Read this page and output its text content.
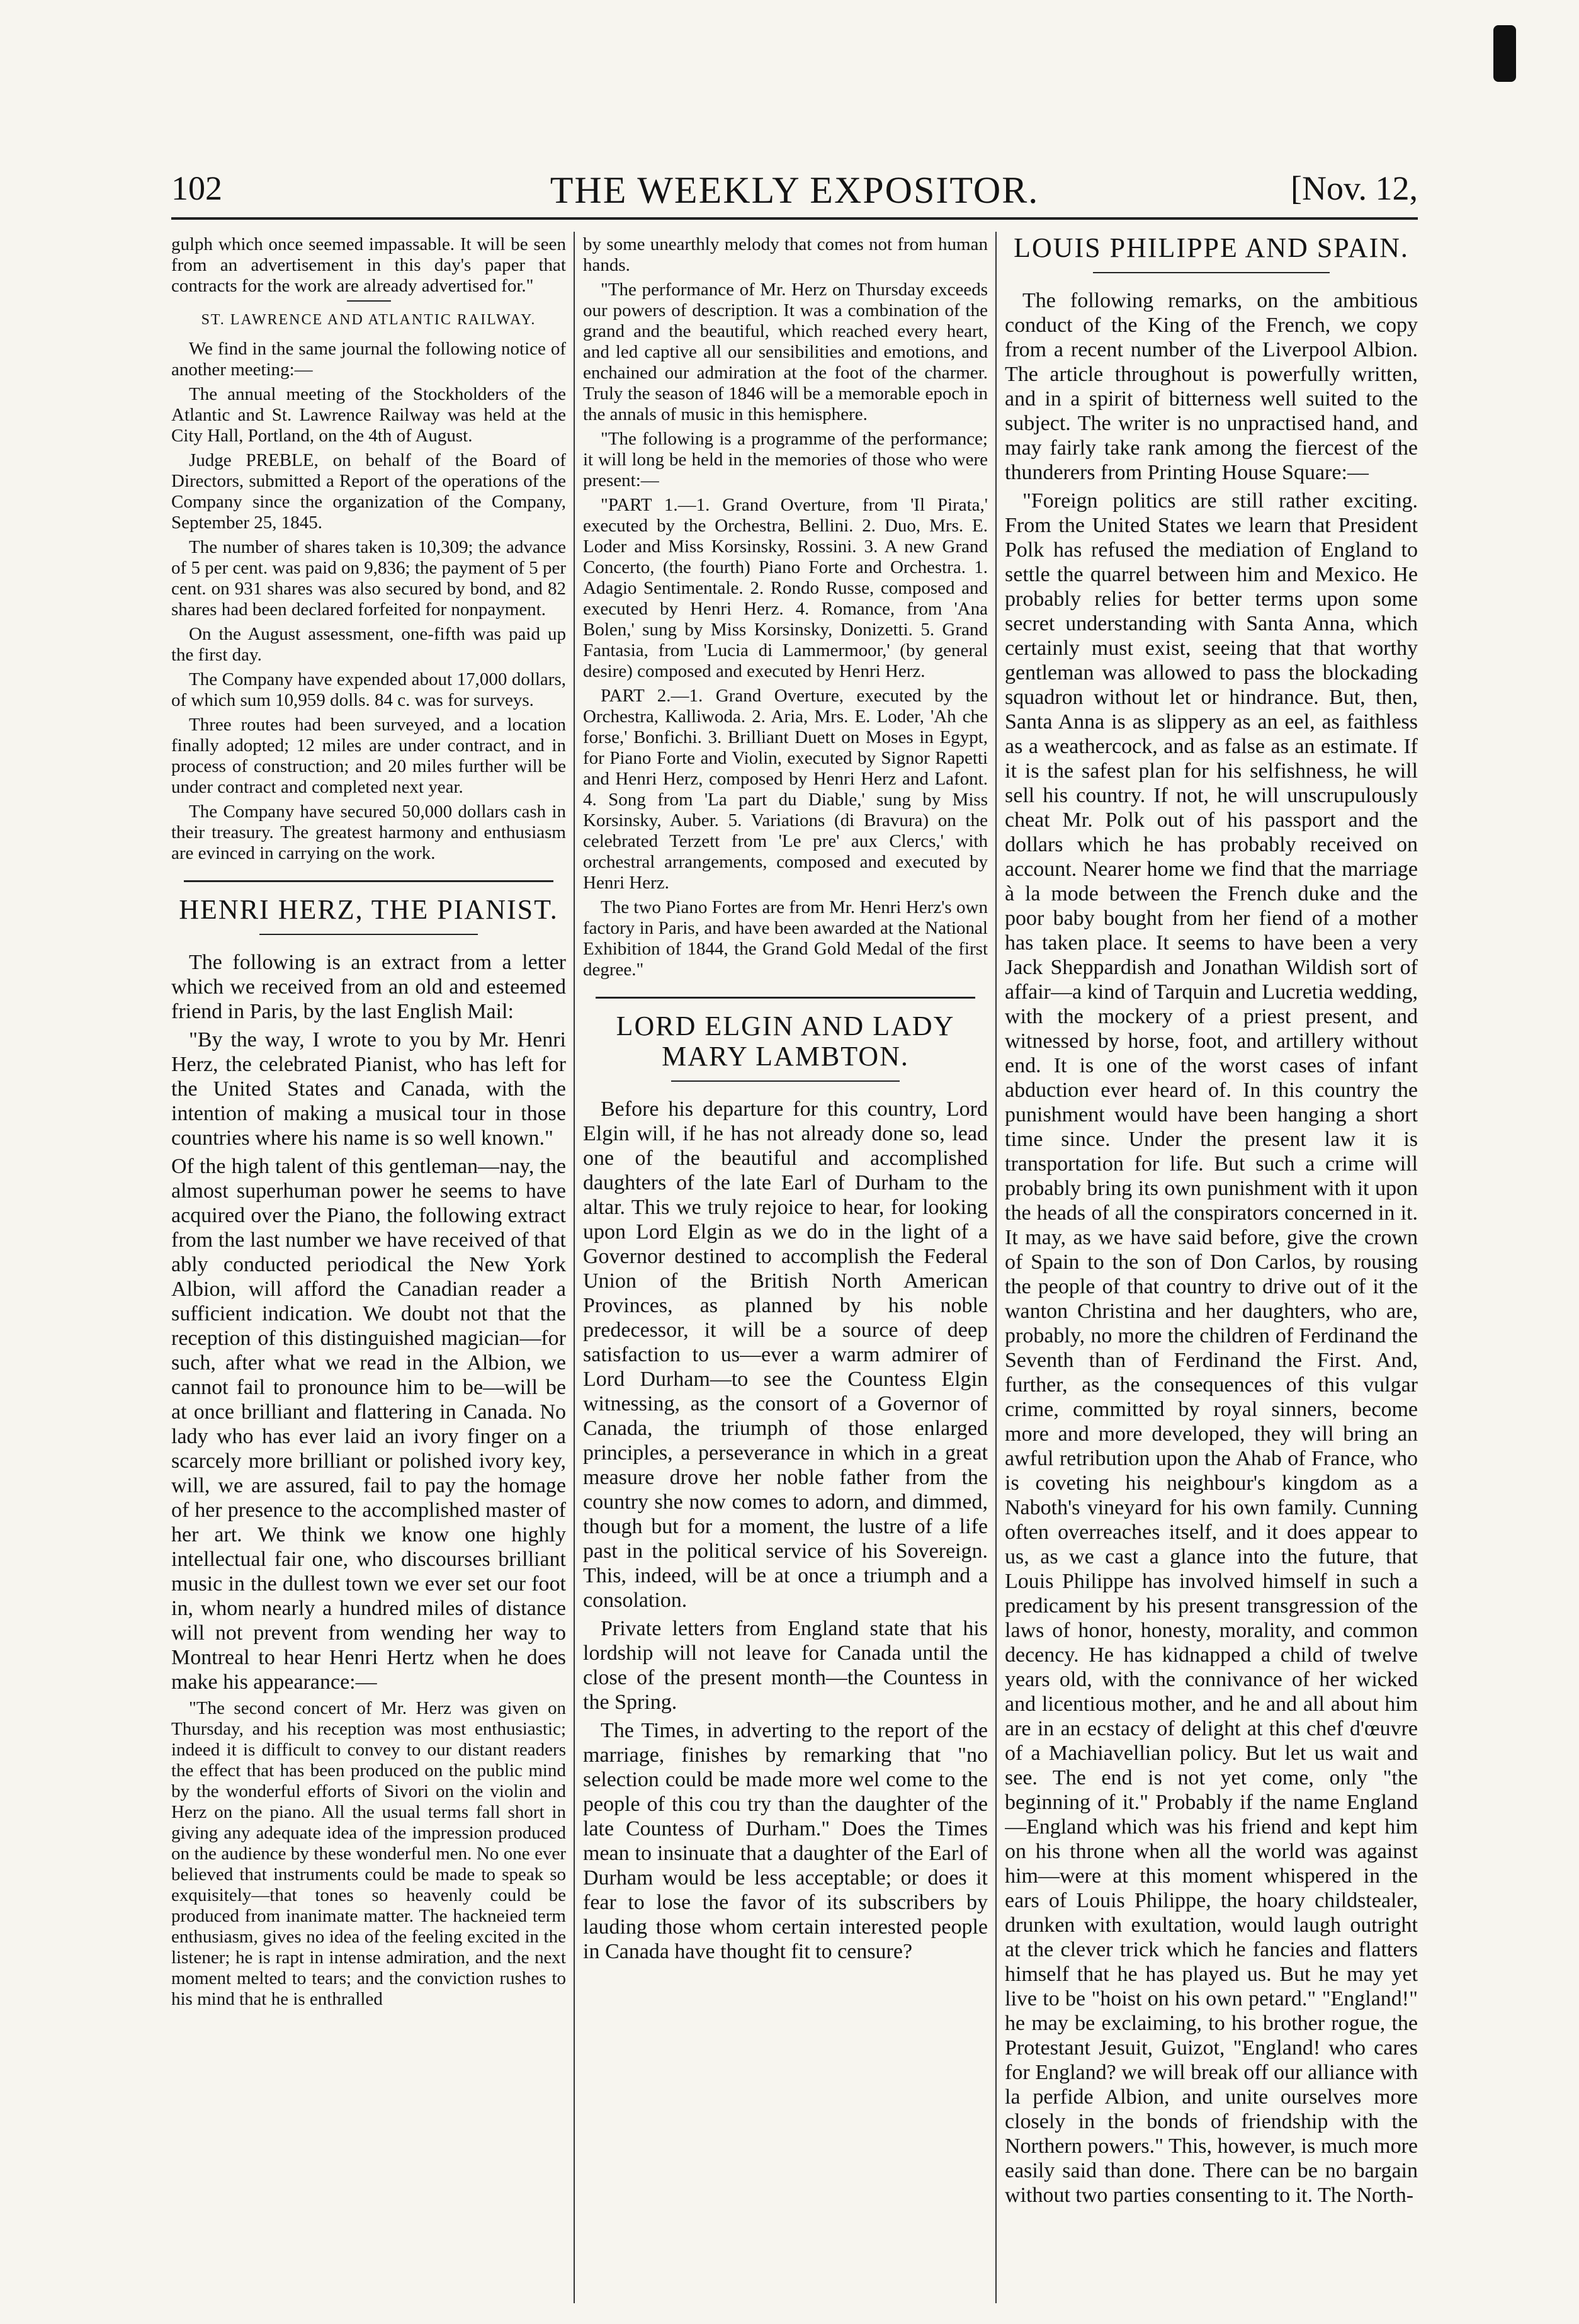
102	THE WEEKLY EXPOSITOR.	[Nov. 12,

gulph which once seemed impassable. It will be seen from an advertisement in this day's paper that contracts for the work are already advertised for."

ST. LAWRENCE AND ATLANTIC RAILWAY.

We find in the same journal the following notice of another meeting:—

The annual meeting of the Stockholders of the Atlantic and St. Lawrence Railway was held at the City Hall, Portland, on the 4th of August.

Judge PREBLE, on behalf of the Board of Directors, submitted a Report of the operations of the Company since the organization of the Company, September 25, 1845.

The number of shares taken is 10,309; the advance of 5 per cent. was paid on 9,836; the payment of 5 per cent. on 931 shares was also secured by bond, and 82 shares had been declared forfeited for nonpayment.

On the August assessment, one-fifth was paid up the first day.

The Company have expended about 17,000 dollars, of which sum 10,959 dolls. 84 c. was for surveys.

Three routes had been surveyed, and a location finally adopted; 12 miles are under contract, and in process of construction; and 20 miles further will be under contract and completed next year.

The Company have secured 50,000 dollars cash in their treasury. The greatest harmony and enthusiasm are evinced in carrying on the work.

HENRI HERZ, THE PIANIST.

The following is an extract from a letter which we received from an old and esteemed friend in Paris, by the last English Mail:

"By the way, I wrote to you by Mr. Henri Herz, the celebrated Pianist, who has left for the United States and Canada, with the intention of making a musical tour in those countries where his name is so well known."

Of the high talent of this gentleman—nay, the almost superhuman power he seems to have acquired over the Piano, the following extract from the last number we have received of that ably conducted periodical the New York Albion, will afford the Canadian reader a sufficient indication. We doubt not that the reception of this distinguished magician—for such, after what we read in the Albion, we cannot fail to pronounce him to be—will be at once brilliant and flattering in Canada. No lady who has ever laid an ivory finger on a scarcely more brilliant or polished ivory key, will, we are assured, fail to pay the homage of her presence to the accomplished master of her art. We think we know one highly intellectual fair one, who discourses brilliant music in the dullest town we ever set our foot in, whom nearly a hundred miles of distance will not prevent from wending her way to Montreal to hear Henri Hertz when he does make his appearance:—

"The second concert of Mr. Herz was given on Thursday, and his reception was most enthusiastic; indeed it is difficult to convey to our distant readers the effect that has been produced on the public mind by the wonderful efforts of Sivori on the violin and Herz on the piano. All the usual terms fall short in giving any adequate idea of the impression produced on the audience by these wonderful men. No one ever believed that instruments could be made to speak so exquisitely—that tones so heavenly could be produced from inanimate matter. The hackneied term enthusiasm, gives no idea of the feeling excited in the listener; he is rapt in intense admiration, and the next moment melted to tears; and the conviction rushes to his mind that he is enthralled

by some unearthly melody that comes not from human hands.

"The performance of Mr. Herz on Thursday exceeds our powers of description. It was a combination of the grand and the beautiful, which reached every heart, and led captive all our sensibilities and emotions, and enchained our admiration at the foot of the charmer. Truly the season of 1846 will be a memorable epoch in the annals of music in this hemisphere.

"The following is a programme of the performance; it will long be held in the memories of those who were present:—

"PART 1.—1. Grand Overture, from 'Il Pirata,' executed by the Orchestra, Bellini. 2. Duo, Mrs. E. Loder and Miss Korsinsky, Rossini. 3. A new Grand Concerto, (the fourth) Piano Forte and Orchestra. 1. Adagio Sentimentale. 2. Rondo Russe, composed and executed by Henri Herz. 4. Romance, from 'Ana Bolen,' sung by Miss Korsinsky, Donizetti. 5. Grand Fantasia, from 'Lucia di Lammermoor,' (by general desire) composed and executed by Henri Herz.

PART 2.—1. Grand Overture, executed by the Orchestra, Kalliwoda. 2. Aria, Mrs. E. Loder, 'Ah che forse,' Bonfichi. 3. Brilliant Duett on Moses in Egypt, for Piano Forte and Violin, executed by Signor Rapetti and Henri Herz, composed by Henri Herz and Lafont. 4. Song from 'La part du Diable,' sung by Miss Korsinsky, Auber. 5. Variations (di Bravura) on the celebrated Terzett from 'Le pre' aux Clercs,' with orchestral arrangements, composed and executed by Henri Herz.

The two Piano Fortes are from Mr. Henri Herz's own factory in Paris, and have been awarded at the National Exhibition of 1844, the Grand Gold Medal of the first degree."

LORD ELGIN AND LADY MARY LAMBTON.

Before his departure for this country, Lord Elgin will, if he has not already done so, lead one of the beautiful and accomplished daughters of the late Earl of Durham to the altar. This we truly rejoice to hear, for looking upon Lord Elgin as we do in the light of a Governor destined to accomplish the Federal Union of the British North American Provinces, as planned by his noble predecessor, it will be a source of deep satisfaction to us—ever a warm admirer of Lord Durham—to see the Countess Elgin witnessing, as the consort of a Governor of Canada, the triumph of those enlarged principles, a perseverance in which in a great measure drove her noble father from the country she now comes to adorn, and dimmed, though but for a moment, the lustre of a life past in the political service of his Sovereign. This, indeed, will be at once a triumph and a consolation.

Private letters from England state that his lordship will not leave for Canada until the close of the present month—the Countess in the Spring.

The Times, in adverting to the report of the marriage, finishes by remarking that "no selection could be made more wel come to the people of this cou try than the daughter of the late Countess of Durham." Does the Times mean to insinuate that a daughter of the Earl of Durham would be less acceptable; or does it fear to lose the favor of its subscribers by lauding those whom certain interested people in Canada have thought fit to censure?

LOUIS PHILIPPE AND SPAIN.

The following remarks, on the ambitious conduct of the King of the French, we copy from a recent number of the Liverpool Albion. The article throughout is powerfully written, and in a spirit of bitterness well suited to the subject. The writer is no unpractised hand, and may fairly take rank among the fiercest of the thunderers from Printing House Square:—

"Foreign politics are still rather exciting. From the United States we learn that President Polk has refused the mediation of England to settle the quarrel between him and Mexico. He probably relies for better terms upon some secret understanding with Santa Anna, which certainly must exist, seeing that that worthy gentleman was allowed to pass the blockading squadron without let or hindrance. But, then, Santa Anna is as slippery as an eel, as faithless as a weathercock, and as false as an estimate. If it is the safest plan for his selfishness, he will sell his country. If not, he will unscrupulously cheat Mr. Polk out of his passport and the dollars which he has probably received on account. Nearer home we find that the marriage à la mode between the French duke and the poor baby bought from her fiend of a mother has taken place. It seems to have been a very Jack Sheppardish and Jonathan Wildish sort of affair—a kind of Tarquin and Lucretia wedding, with the mockery of a priest present, and witnessed by horse, foot, and artillery without end. It is one of the worst cases of infant abduction ever heard of. In this country the punishment would have been hanging a short time since. Under the present law it is transportation for life. But such a crime will probably bring its own punishment with it upon the heads of all the conspirators concerned in it. It may, as we have said before, give the crown of Spain to the son of Don Carlos, by rousing the people of that country to drive out of it the wanton Christina and her daughters, who are, probably, no more the children of Ferdinand the Seventh than of Ferdinand the First. And, further, as the consequences of this vulgar crime, committed by royal sinners, become more and more developed, they will bring an awful retribution upon the Ahab of France, who is coveting his neighbour's kingdom as a Naboth's vineyard for his own family. Cunning often overreaches itself, and it does appear to us, as we cast a glance into the future, that Louis Philippe has involved himself in such a predicament by his present transgression of the laws of honor, honesty, morality, and common decency. He has kidnapped a child of twelve years old, with the connivance of her wicked and licentious mother, and he and all about him are in an ecstacy of delight at this chef d'œuvre of a Machiavellian policy. But let us wait and see. The end is not yet come, only "the beginning of it." Probably if the name England—England which was his friend and kept him on his throne when all the world was against him—were at this moment whispered in the ears of Louis Philippe, the hoary childstealer, drunken with exultation, would laugh outright at the clever trick which he fancies and flatters himself that he has played us. But he may yet live to be "hoist on his own petard." "England!" he may be exclaiming, to his brother rogue, the Protestant Jesuit, Guizot, "England! who cares for England? we will break off our alliance with la perfide Albion, and unite ourselves more closely in the bonds of friendship with the Northern powers." This, however, is much more easily said than done. There can be no bargain without two parties consenting to it. The North-
